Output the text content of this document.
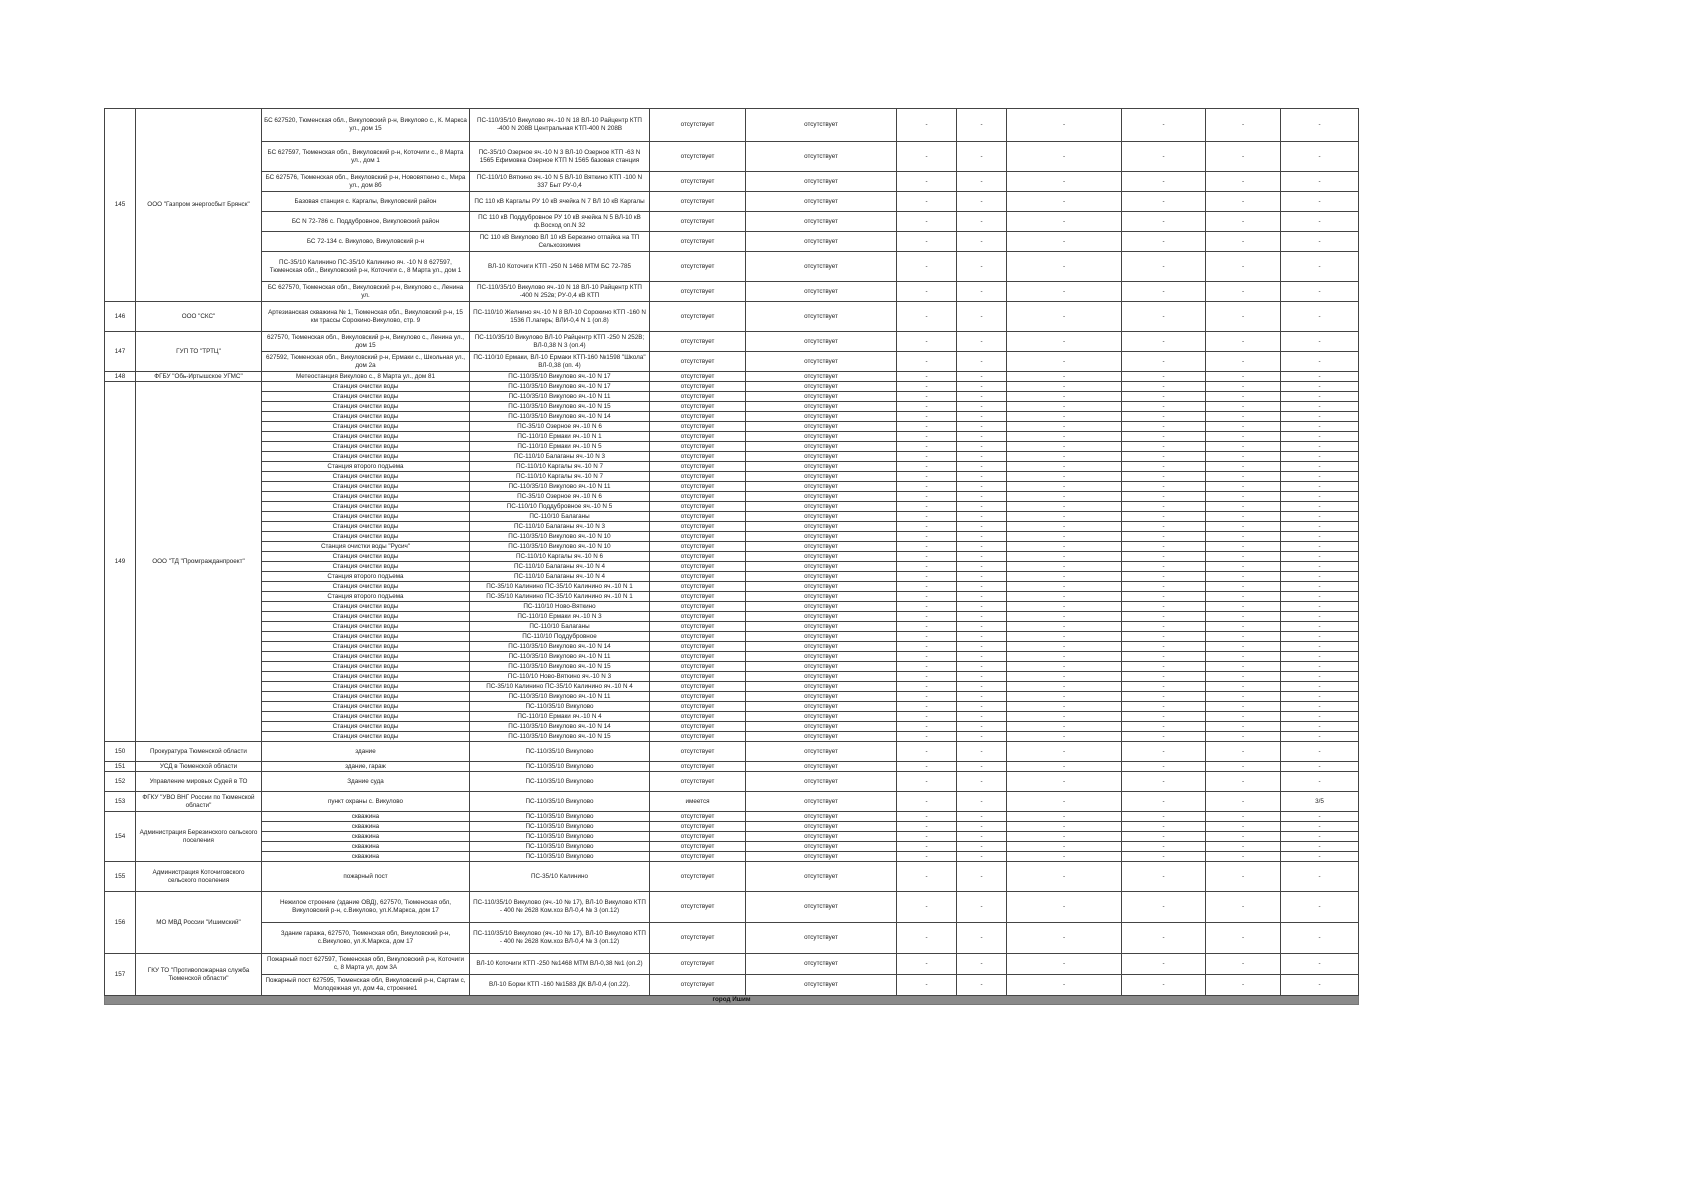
145	ООО "Газпром энергосбыт Брянск"	БС 627520, Тюменская обл., Викуловский р-н, Викулово с., К. Маркса ул., дом 15	ПС-110/35/10 Викулово яч.-10 N 18 ВЛ-10 Райцентр КТП -400 N 208В Центральная КТП-400 N 208В	отсутствует	отсутствует	-	-	-	-	-	-
		БС 627597, Тюменская обл., Викуловский р-н, Коточиги с., 8 Марта ул., дом 1	ПС-35/10 Озерное яч.-10 N 3 ВЛ-10 Озерное КТП -63 N 1565 Ефимовка Озерное КТП N 1565 базовая станция	отсутствует	отсутствует	-	-	-	-	-	-
		БС 627576, Тюменская обл., Викуловский р-н, Нововяткино с., Мира ул., дом 8б	ПС-110/10 Вяткино яч.-10 N 5 ВЛ-10 Вяткино КТП -100 N 337 Быт РУ-0,4	отсутствует	отсутствует	-	-	-	-	-	-
		Базовая станция с. Каргалы, Викуловский район	ПС 110 кВ Каргалы РУ 10 кВ ячейка N 7 ВЛ 10 кВ Каргалы	отсутствует	отсутствует	-	-	-	-	-	-
		БС N 72-786 с. Поддубровное, Викуловский район	ПС 110 кВ Поддубровное РУ 10 кВ ячейка N 5 ВЛ-10 кВ ф.Восход оп.N 32	отсутствует	отсутствует	-	-	-	-	-	-
		БС 72-134 с. Викулово, Викуловский р-н	ПС 110 кВ Викулово ВЛ 10 кВ Березино отпайка на ТП Сельхозхимия	отсутствует	отсутствует	-	-	-	-	-	-
		ПС-35/10 Калинино ПС-35/10 Калинино яч. -10 N 8 627597, Тюменская обл., Викуловский р-н, Коточиги с., 8 Марта ул., дом 1	ВЛ-10 Коточиги КТП -250 N 1468 МТМ БС 72-785	отсутствует	отсутствует	-	-	-	-	-	-
		БС 627570, Тюменская обл., Викуловский р-н, Викулово с., Ленина ул.	ПС-110/35/10 Викулово яч.-10 N 18 ВЛ-10 Райцентр КТП -400 N 252в; РУ-0,4 кВ КТП	отсутствует	отсутствует	-	-	-	-	-	-
146	ООО "СКС"	Артезианская скважина № 1, Тюменская обл., Викуловский р-н, 15 км трассы Сорокино-Викулово, стр. 9	ПС-110/10 Желнино яч.-10 N 8 ВЛ-10 Сорокино КТП -160 N 1536 П.лагерь; ВЛИ-0,4 N 1 (оп.8)	отсутствует	отсутствует	-	-	-	-	-	-
147	ГУП ТО "ТРТЦ"	627570, Тюменская обл., Викуловский р-н, Викулово с., Ленина ул., дом 15	ПС-110/35/10 Викулово ВЛ-10 Райцентр КТП -250 N 252В; ВЛ-0,38 N 3 (оп.4)	отсутствует	отсутствует	-	-	-	-	-	-
		627592, Тюменская обл., Викуловский р-н, Ермаки с., Школьная ул., дом 2а	ПС-110/10 Ермаки, ВЛ-10 Ермаки КТП-160 №1598 "Школа" ВЛ-0,38 (оп. 4)	отсутствует	отсутствует	-	-	-	-	-	-
148	ФГБУ "Обь-Иртышское УГМС"	Метеостанция Викулово с., 8 Марта ул., дом 81	ПС-110/35/10 Викулово яч.-10 N 17	отсутствует	отсутствует	-	-	-	-	-	-
149	ООО "ТД "Промгражданпроект"	Станция очистки воды	ПС-110/35/10 Викулово яч.-10 N 17	отсутствует	отсутствует	-	-	-	-	-	-
		Станция очистки воды	ПС-110/35/10 Викулово яч.-10 N 11	отсутствует	отсутствует	-	-	-	-	-	-
		Станция очистки воды	ПС-110/35/10 Викулово яч.-10 N 15	отсутствует	отсутствует	-	-	-	-	-	-
		Станция очистки воды	ПС-110/35/10 Викулово яч.-10 N 14	отсутствует	отсутствует	-	-	-	-	-	-
		Станция очистки воды	ПС-35/10 Озерное яч.-10 N 6	отсутствует	отсутствует	-	-	-	-	-	-
		Станция очистки воды	ПС-110/10 Ермаки яч.-10 N 1	отсутствует	отсутствует	-	-	-	-	-	-
		Станция очистки воды	ПС-110/10 Ермаки яч.-10 N 5	отсутствует	отсутствует	-	-	-	-	-	-
		Станция очистки воды	ПС-110/10 Балаганы яч.-10 N 3	отсутствует	отсутствует	-	-	-	-	-	-
		Станция второго подъема	ПС-110/10 Каргалы яч.-10 N 7	отсутствует	отсутствует	-	-	-	-	-	-
		Станция очистки воды	ПС-110/10 Каргалы яч.-10 N 7	отсутствует	отсутствует	-	-	-	-	-	-
		Станция очистки воды	ПС-110/35/10 Викулово яч.-10 N 11	отсутствует	отсутствует	-	-	-	-	-	-
		Станция очистки воды	ПС-35/10 Озерное яч.-10 N 6	отсутствует	отсутствует	-	-	-	-	-	-
		Станция очистки воды	ПС-110/10 Поддубровное яч.-10 N 5	отсутствует	отсутствует	-	-	-	-	-	-
		Станция очистки воды	ПС-110/10 Балаганы	отсутствует	отсутствует	-	-	-	-	-	-
		Станция очистки воды	ПС-110/10 Балаганы яч.-10 N 3	отсутствует	отсутствует	-	-	-	-	-	-
		Станция очистки воды	ПС-110/35/10 Викулово яч.-10 N 10	отсутствует	отсутствует	-	-	-	-	-	-
		Станция очистки воды "Русич"	ПС-110/35/10 Викулово яч.-10 N 10	отсутствует	отсутствует	-	-	-	-	-	-
		Станция очистки воды	ПС-110/10 Каргалы яч.-10 N 6	отсутствует	отсутствует	-	-	-	-	-	-
		Станция очистки воды	ПС-110/10 Балаганы яч.-10 N 4	отсутствует	отсутствует	-	-	-	-	-	-
		Станция второго подъема	ПС-110/10 Балаганы яч.-10 N 4	отсутствует	отсутствует	-	-	-	-	-	-
		Станция очистки воды	ПС-35/10 Калинино ПС-35/10 Калинино яч.-10 N 1	отсутствует	отсутствует	-	-	-	-	-	-
		Станция второго подъема	ПС-35/10 Калинино ПС-35/10 Калинино яч.-10 N 1	отсутствует	отсутствует	-	-	-	-	-	-
		Станция очистки воды	ПС-110/10 Ново-Вяткино	отсутствует	отсутствует	-	-	-	-	-	-
		Станция очистки воды	ПС-110/10 Ермаки яч.-10 N 3	отсутствует	отсутствует	-	-	-	-	-	-
		Станция очистки воды	ПС-110/10 Балаганы	отсутствует	отсутствует	-	-	-	-	-	-
		Станция очистки воды	ПС-110/10 Поддубровное	отсутствует	отсутствует	-	-	-	-	-	-
		Станция очистки воды	ПС-110/35/10 Викулово яч.-10 N 14	отсутствует	отсутствует	-	-	-	-	-	-
		Станция очистки воды	ПС-110/35/10 Викулово яч.-10 N 11	отсутствует	отсутствует	-	-	-	-	-	-
		Станция очистки воды	ПС-110/35/10 Викулово яч.-10 N 15	отсутствует	отсутствует	-	-	-	-	-	-
		Станция очистки воды	ПС-110/10 Ново-Вяткино яч.-10 N 3	отсутствует	отсутствует	-	-	-	-	-	-
		Станция очистки воды	ПС-35/10 Калинино ПС-35/10 Калинино яч.-10 N 4	отсутствует	отсутствует	-	-	-	-	-	-
		Станция очистки воды	ПС-110/35/10 Викулово яч.-10 N 11	отсутствует	отсутствует	-	-	-	-	-	-
		Станция очистки воды	ПС-110/35/10 Викулово	отсутствует	отсутствует	-	-	-	-	-	-
		Станция очистки воды	ПС-110/10 Ермаки яч.-10 N 4	отсутствует	отсутствует	-	-	-	-	-	-
		Станция очистки воды	ПС-110/35/10 Викулово яч.-10 N 14	отсутствует	отсутствует	-	-	-	-	-	-
		Станция очистки воды	ПС-110/35/10 Викулово яч.-10 N 15	отсутствует	отсутствует	-	-	-	-	-	-
150	Прокуратура Тюменской области	здание	ПС-110/35/10 Викулово	отсутствует	отсутствует	-	-	-	-	-	-
151	УСД в Тюменской области	здание, гараж	ПС-110/35/10 Викулово	отсутствует	отсутствует	-	-	-	-	-	-
152	Управление мировых Судей в ТО	Здание суда	ПС-110/35/10 Викулово	отсутствует	отсутствует	-	-	-	-	-	-
153	ФГКУ "УВО ВНГ России по Тюменской области"	пункт охраны с. Викулово	ПС-110/35/10 Викулово	имеется	отсутствует	-	-	-	-	-	3/5
154	Администрация Березинского сельского поселения	скважина	ПС-110/35/10 Викулово	отсутствует	отсутствует	-	-	-	-	-	-
		скважина	ПС-110/35/10 Викулово	отсутствует	отсутствует	-	-	-	-	-	-
		скважина	ПС-110/35/10 Викулово	отсутствует	отсутствует	-	-	-	-	-	-
		скважина	ПС-110/35/10 Викулово	отсутствует	отсутствует	-	-	-	-	-	-
		скважина	ПС-110/35/10 Викулово	отсутствует	отсутствует	-	-	-	-	-	-
155	Администрация Коточиговского сельского поселения	пожарный пост	ПС-35/10 Калинино	отсутствует	отсутствует	-	-	-	-	-	-
156	МО МВД России "Ишимский"	Нежилое строение (здание ОВД), 627570, Тюменская обл, Викуловский р-н, с.Викулово, ул.К.Маркса, дом 17	ПС-110/35/10 Викулово (яч.-10 № 17), ВЛ-10 Викулово КТП - 400 № 2628 Ком.хоз ВЛ-0,4 № 3 (оп.12)	отсутствует	отсутствует	-	-	-	-	-	-
		Здание гаража, 627570, Тюменская обл, Викуловский р-н, с.Викулово, ул.К.Маркса, дом 17	ПС-110/35/10 Викулово (яч.-10 № 17), ВЛ-10 Викулово КТП - 400 № 2628 Ком.хоз ВЛ-0,4 № 3 (оп.12)	отсутствует	отсутствует	-	-	-	-	-	-
157	ГКУ ТО "Противопожарная служба Тюменской области"	Пожарный пост 627597, Тюменская обл, Викуловский р-н, Коточиги с, 8 Марта ул, дом 3А	ВЛ-10 Коточиги КТП -250 №1468 МТМ ВЛ-0,38 №1 (оп.2)	отсутствует	отсутствует	-	-	-	-	-	-
		Пожарный пост 627595, Тюменская обл, Викуловский р-н, Сартам с, Молодежная ул, дом 4а, строение1	ВЛ-10 Борки КТП -160 №1583 ДК ВЛ-0,4 (оп.22).	отсутствует	отсутствует	-	-	-	-	-	-
город Ишим											
